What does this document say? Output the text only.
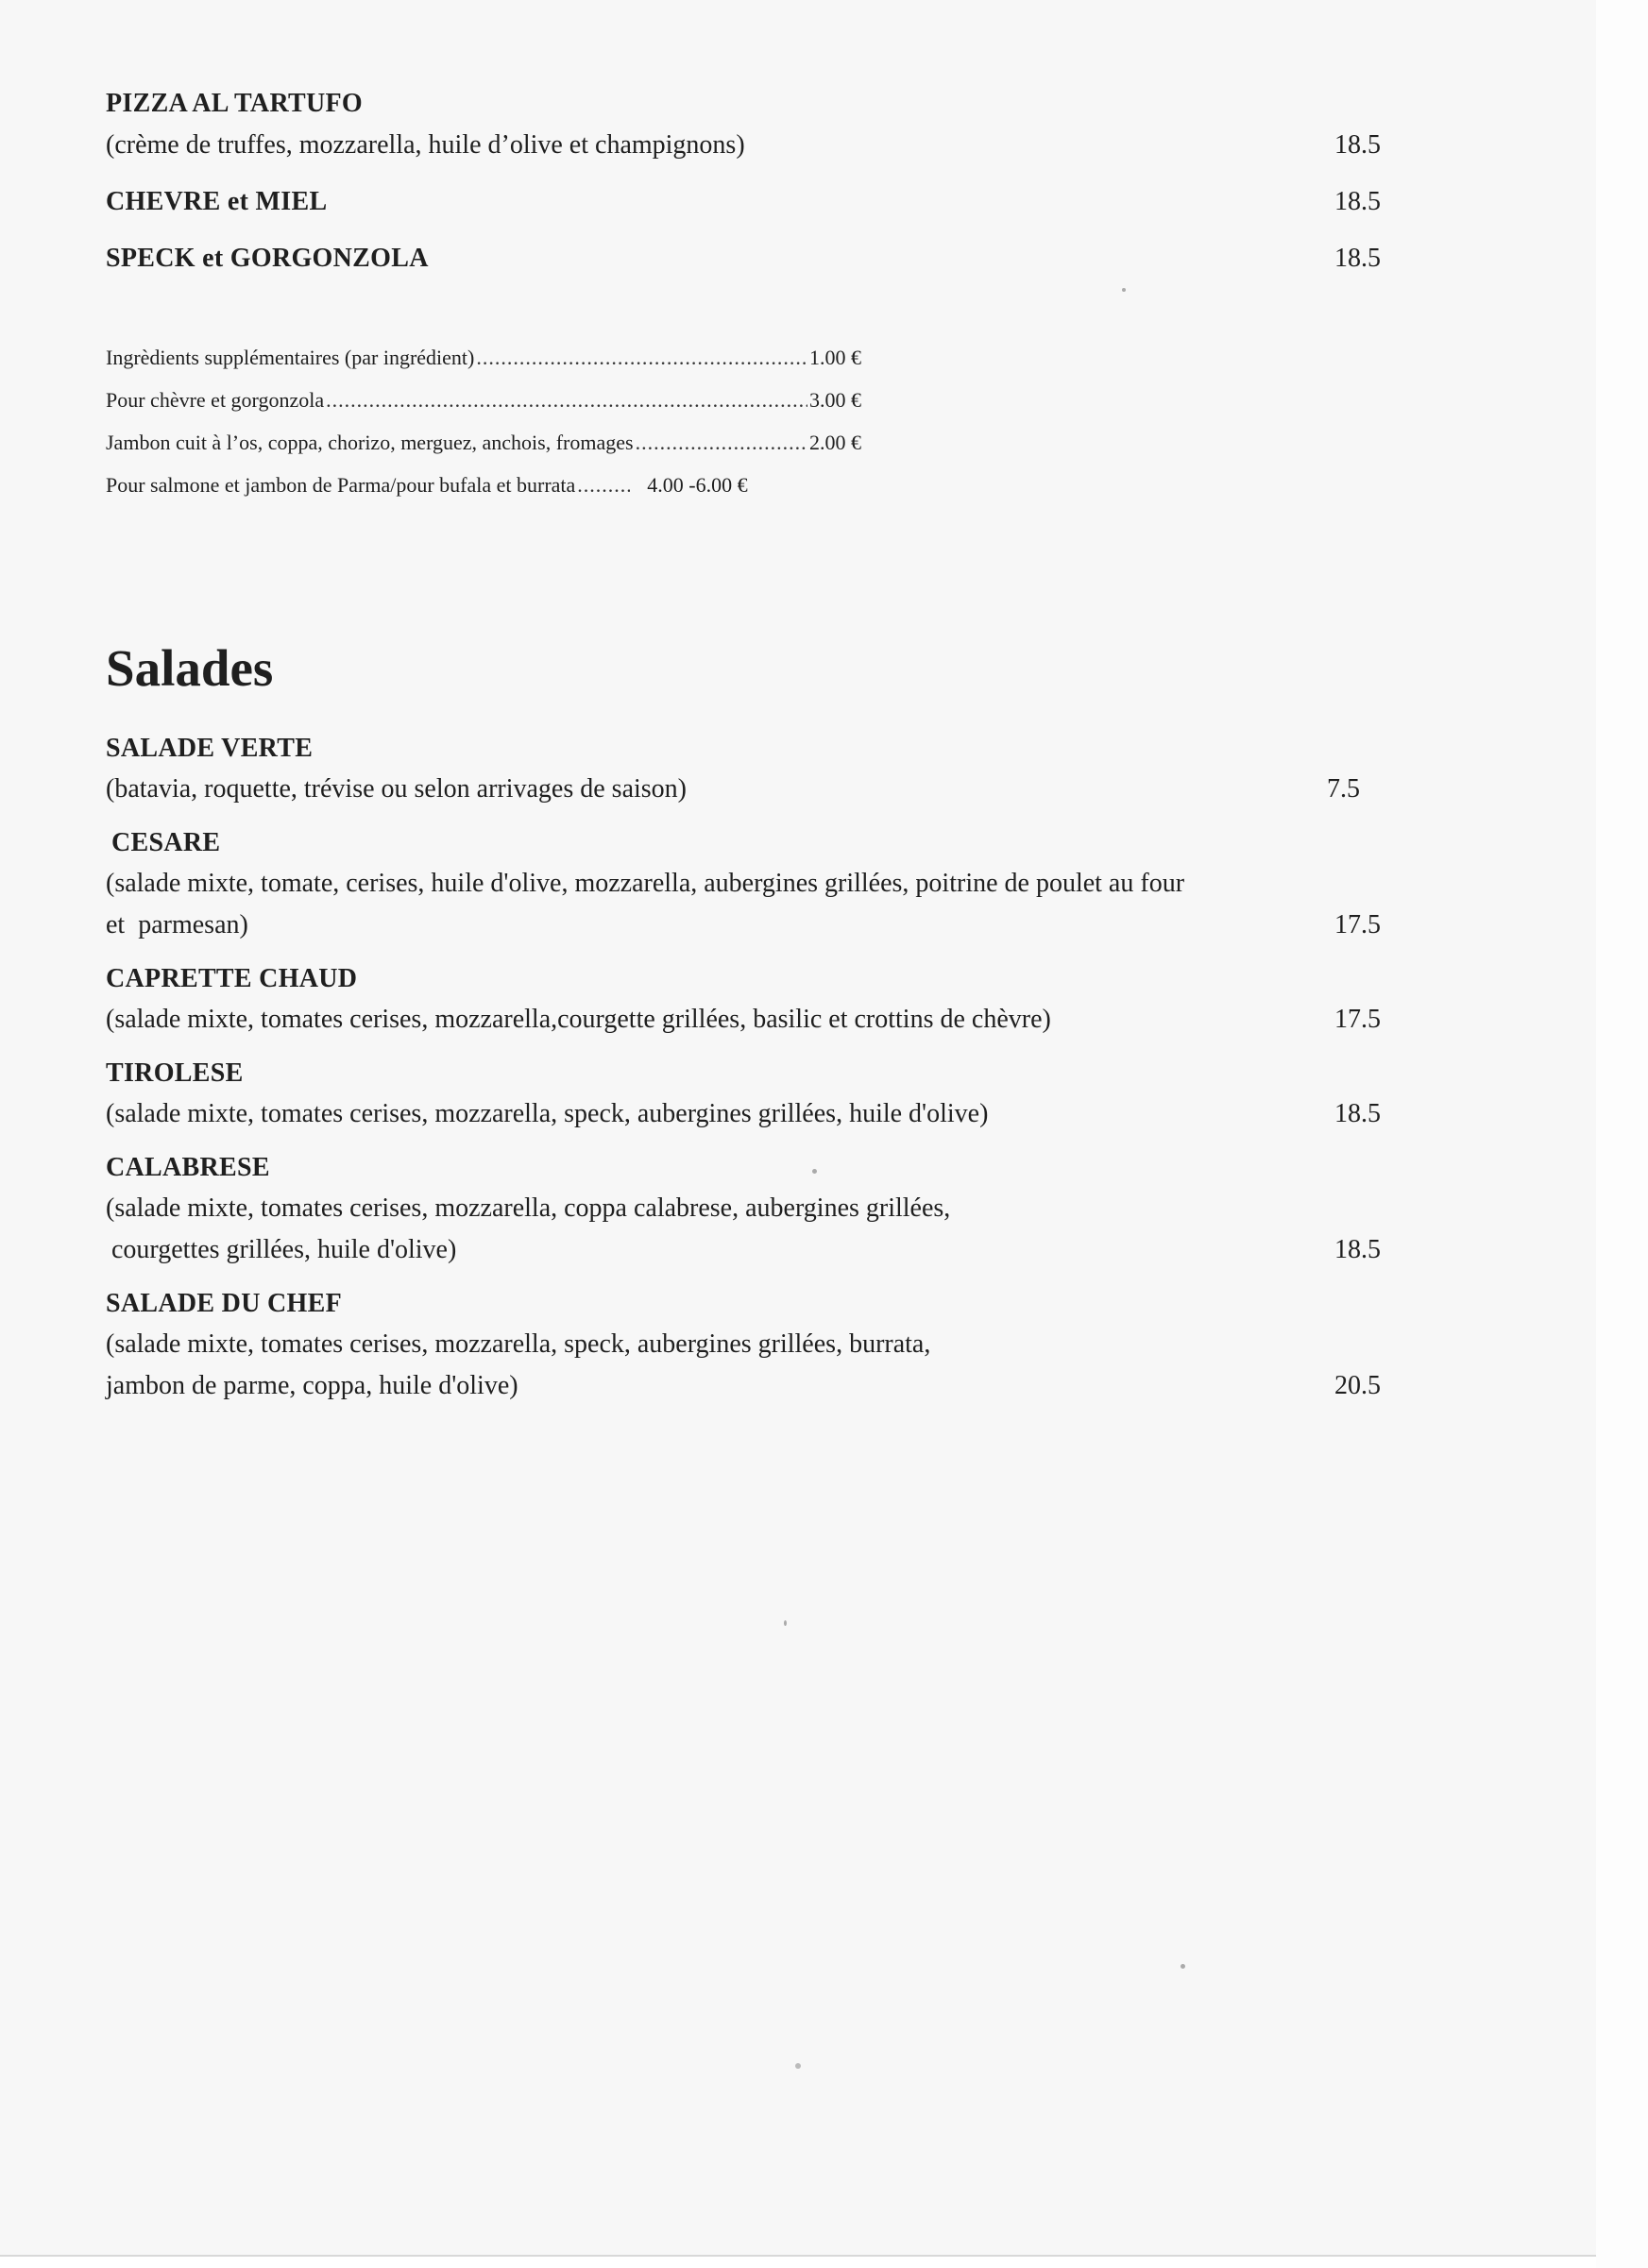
PIZZA AL TARTUFO

(crème de truffes, mozzarella, huile d’olive et champignons)	18.5

CHEVRE et MIEL	18.5

SPECK et GORGONZOLA	18.5
Ingrèdients supplémentaires (par ingrédient) .....	1.00 €
Pour chèvre et gorgonzola .....	3.00 €
Jambon cuit à l’os, coppa, chorizo, merguez, anchois, fromages .....	2.00 €
Pour salmone et jambon de Parma/pour bufala et burrata .....	4.00 -6.00 €
Salades

SALADE VERTE

(batavia, roquette, trévise ou selon arrivages de saison)	7.5

CESARE

(salade mixte, tomate, cerises, huile d'olive, mozzarella, aubergines grillées, poitrine de poulet au four

et  parmesan)	17.5

CAPRETTE CHAUD

(salade mixte, tomates cerises, mozzarella,courgette grillées, basilic et crottins de chèvre)	17.5

TIROLESE

(salade mixte, tomates cerises, mozzarella, speck, aubergines grillées, huile d'olive)	18.5

CALABRESE

(salade mixte, tomates cerises, mozzarella, coppa calabrese, aubergines grillées,

courgettes grillées, huile d'olive)	18.5

SALADE DU CHEF

(salade mixte, tomates cerises, mozzarella, speck, aubergines grillées, burrata,

jambon de parme, coppa, huile d'olive)	20.5
